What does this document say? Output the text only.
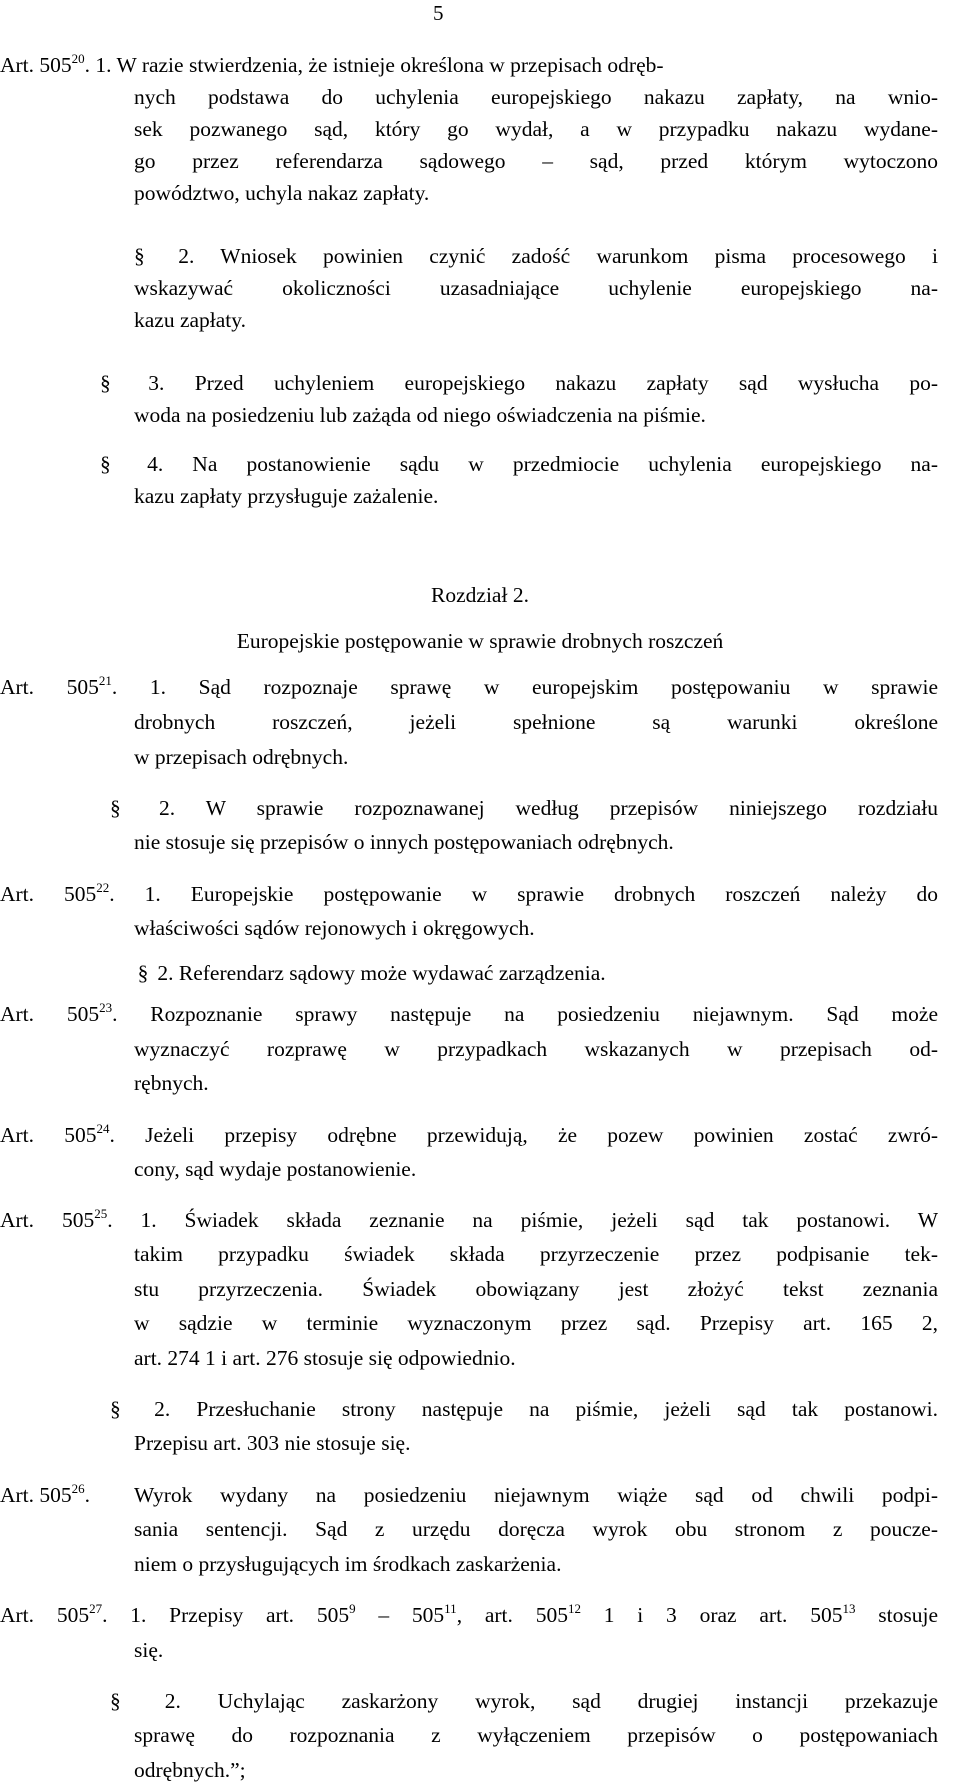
5
Art. $505^{20}$. 1. W razie stwierdzenia, że istnieje określona w przepisach odręb-
nych podstawa do uchylenia europejskiego nakazu zapłaty, na wnio-
sek pozwanego sąd, który go wydał, a w przypadku nakazu wydane-
go przez referendarza sądowego – sąd, przed którym wytoczono
powództwo, uchyla nakaz zapłaty.
§ 2. Wniosek powinien czynić zadość warunkom pisma procesowego i
wskazywać okoliczności uzasadniające uchylenie europejskiego na-
kazu zapłaty.
§ 3. Przed uchyleniem europejskiego nakazu zapłaty sąd wysłucha po-
woda na posiedzeniu lub zażąda od niego oświadczenia na piśmie.
§ 4. Na postanowienie sądu w przedmiocie uchylenia europejskiego na-
kazu zapłaty przysługuje zażalenie.
Rozdział 2.
Europejskie postępowanie w sprawie drobnych roszczeń
Art. $505^{21}$. 1. Sąd rozpoznaje sprawę w europejskim postępowaniu w sprawie
drobnych roszczeń, jeżeli spełnione są warunki określone
w przepisach odrębnych.
§ 2. W sprawie rozpoznawanej według przepisów niniejszego rozdziału
nie stosuje się przepisów o innych postępowaniach odrębnych.
Art. $505^{22}$. 1. Europejskie postępowanie w sprawie drobnych roszczeń należy do
właściwości sądów rejonowych i okręgowych.
§ 2. Referendarz sądowy może wydawać zarządzenia.
Art. $505^{23}$. Rozpoznanie sprawy następuje na posiedzeniu niejawnym. Sąd może
wyznaczyć rozprawę w przypadkach wskazanych w przepisach od-
rębnych.
Art. $505^{24}$. Jeżeli przepisy odrębne przewidują, że pozew powinien zostać zwró-
cony, sąd wydaje postanowienie.
Art. $505^{25}$. 1. Świadek składa zeznanie na piśmie, jeżeli sąd tak postanowi. W
takim przypadku świadek składa przyrzeczenie przez podpisanie tek-
stu przyrzeczenia. Świadek obowiązany jest złożyć tekst zeznania
w sądzie w terminie wyznaczonym przez sąd. Przepisy art. 165 2,
art. 274 1 i art. 276 stosuje się odpowiednio.
§ 2. Przesłuchanie strony następuje na piśmie, jeżeli sąd tak postanowi.
Przepisu art. 303 nie stosuje się.
Art. $505^{26}$. Wyrok wydany na posiedzeniu niejawnym wiąże sąd od chwili podpi-
sania sentencji. Sąd z urzędu doręcza wyrok obu stronom z poucze-
niem o przysługujących im środkach zaskarżenia.
Art. $505^{27}$. 1. Przepisy art. $505^9 - 505^{11}$, art. $505^{12}$ 1 i 3 oraz art. $505^{13}$ stosuje
się.
§ 2. Uchylając zaskarżony wyrok, sąd drugiej instancji przekazuje
sprawę do rozpoznania z wyłączeniem przepisów o postępowaniach
odrębnych.”;
